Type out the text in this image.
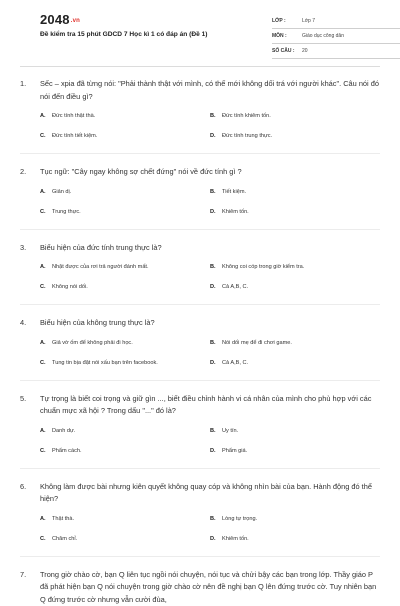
2048.vn
Đề kiểm tra 15 phút GDCD 7 Học kì 1 có đáp án (Đề 1)
LỚP :	Lớp 7
MÔN :	Giáo dục công dân
SỐ CÂU :	20
1.	Sếc – xpia đã từng nói: "Phải thành thật với mình, có thế mới không dối trá với người khác". Câu nói đó nói đến điều gì?
A.	Đức tính thật thà.	B.	Đức tính khiêm tốn.
C.	Đức tính tiết kiệm.	D.	Đức tính trung thực.
2.	Tục ngữ: "Cây ngay không sợ chết đứng" nói về đức tính gì ?
A.	Giản dị.	B.	Tiết kiệm.
C.	Trung thực.	D.	Khiêm tốn.
3.	Biểu hiện của đức tính trung thực là?
A.	Nhặt được của rơi trả người đánh mất.	B.	Không coi cóp trong giờ kiểm tra.
C.	Không nói dối.	D.	Cả A,B, C.
4.	Biểu hiện của không trung thực là?
A.	Giả vờ ốm để không phải đi học.	B.	Nói dối mẹ để đi chơi game.
C.	Tung tin bịa đặt nói xấu bạn trên facebook.	D.	Cả A,B, C.
5.	Tự trọng là biết coi trọng và giữ gìn ..., biết điều chỉnh hành vi cá nhân của mình cho phù hợp với các chuẩn mực xã hội ? Trong dấu "..." đó là?
A.	Danh dự.	B.	Uy tín.
C.	Phẩm cách.	D.	Phẩm giá.
6.	Không làm được bài nhưng kiên quyết không quay cóp và không nhìn bài của bạn. Hành động đó thể hiện?
A.	Thật thà.	B.	Lòng tự trọng.
C.	Chăm chỉ.	D.	Khiêm tốn.
7.	Trong giờ chào cờ, bạn Q liên tục ngồi nói chuyện, nói tục và chửi bậy các bạn trong lớp. Thầy giáo P đã phát hiện bạn Q nói chuyện trong giờ chào cờ nên đề nghị bạn Q lên đứng trước cờ. Tuy nhiên bạn Q đứng trước cờ nhưng vẫn cười đùa,
